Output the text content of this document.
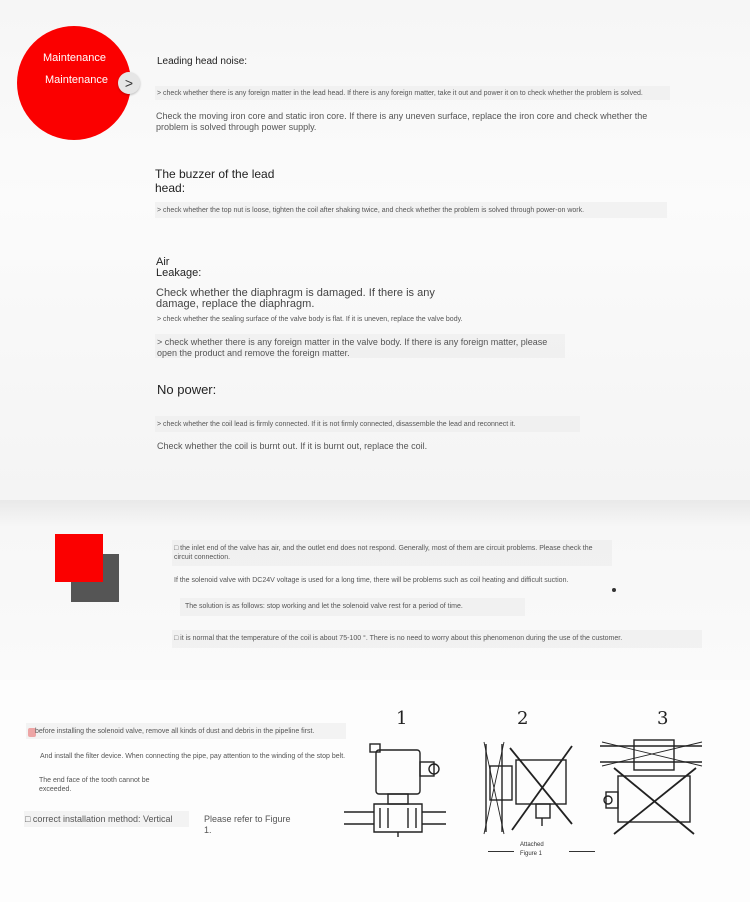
Maintenance
Maintenance	>
Leading head noise:
> check whether there is any foreign matter in the lead head. If there is any foreign matter, take it out and power it on to check whether the problem is solved.
Check the moving iron core and static iron core. If there is any uneven surface, replace the iron core and check whether the problem is solved through power supply.
The buzzer of the lead head:
> check whether the top nut is loose, tighten the coil after shaking twice, and check whether the problem is solved through power-on work.
Air Leakage:
Check whether the diaphragm is damaged. If there is any damage, replace the diaphragm.
> check whether the sealing surface of the valve body is flat. If it is uneven, replace the valve body.
> check whether there is any foreign matter in the valve body. If there is any foreign matter, please open the product and remove the foreign matter.
No power:
> check whether the coil lead is firmly connected. If it is not firmly connected, disassemble the lead and reconnect it.
Check whether the coil is burnt out. If it is burnt out, replace the coil.
□ the inlet end of the valve has air, and the outlet end does not respond. Generally, most of them are circuit problems. Please check the circuit connection.
If the solenoid valve with DC24V voltage is used for a long time, there will be problems such as coil heating and difficult suction.
The solution is as follows: stop working and let the solenoid valve rest for a period of time.
□ it is normal that the temperature of the coil is about 75-100 °. There is no need to worry about this phenomenon during the use of the customer.
before installing the solenoid valve, remove all kinds of dust and debris in the pipeline first.
And install the filter device. When connecting the pipe, pay attention to the winding of the stop belt.
The end face of the tooth cannot be exceeded.
□ correct installation method: Vertical	Please refer to Figure 1.
1	2	3
Attached
Figure 1
